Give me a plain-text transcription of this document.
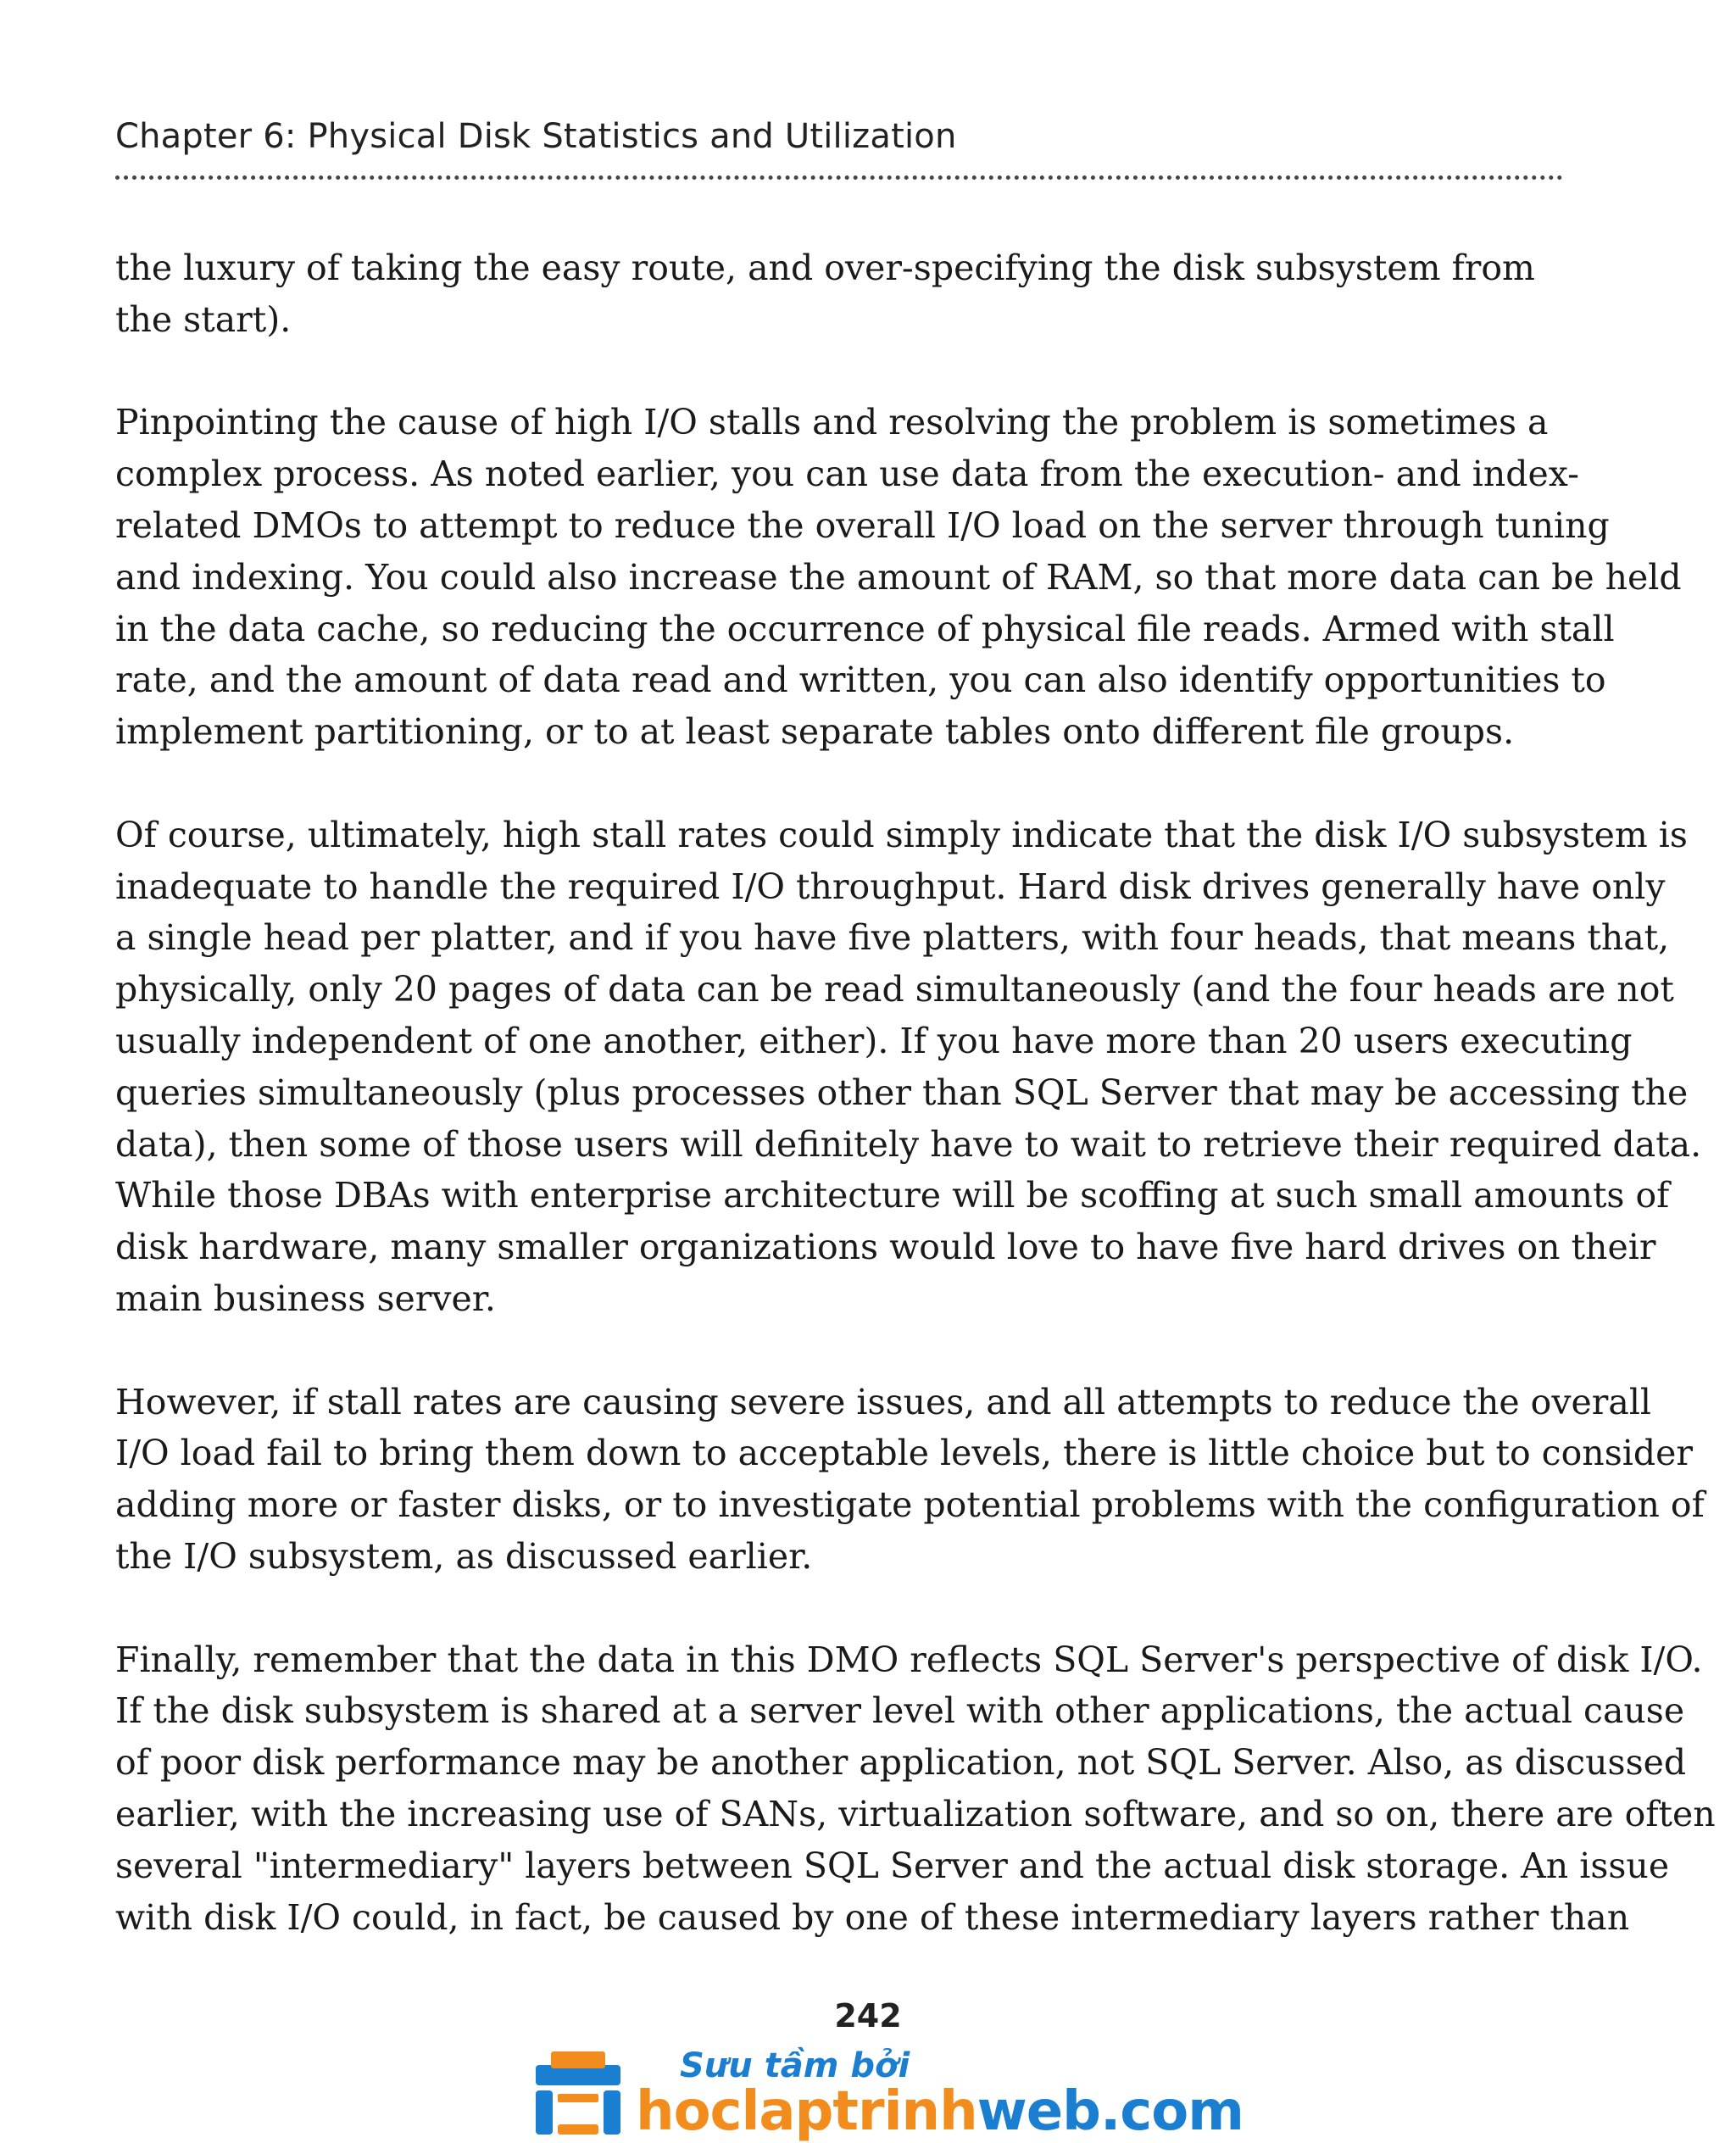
Chapter 6: Physical Disk Statistics and Utilization

the luxury of taking the easy route, and over-specifying the disk subsystem from
the start).

Pinpointing the cause of high I/O stalls and resolving the problem is sometimes a
complex process. As noted earlier, you can use data from the execution- and index-
related DMOs to attempt to reduce the overall I/O load on the server through tuning
and indexing. You could also increase the amount of RAM, so that more data can be held
in the data cache, so reducing the occurrence of physical file reads. Armed with stall
rate, and the amount of data read and written, you can also identify opportunities to
implement partitioning, or to at least separate tables onto different file groups.

Of course, ultimately, high stall rates could simply indicate that the disk I/O subsystem is
inadequate to handle the required I/O throughput. Hard disk drives generally have only
a single head per platter, and if you have five platters, with four heads, that means that,
physically, only 20 pages of data can be read simultaneously (and the four heads are not
usually independent of one another, either). If you have more than 20 users executing
queries simultaneously (plus processes other than SQL Server that may be accessing the
data), then some of those users will definitely have to wait to retrieve their required data.
While those DBAs with enterprise architecture will be scoffing at such small amounts of
disk hardware, many smaller organizations would love to have five hard drives on their
main business server.

However, if stall rates are causing severe issues, and all attempts to reduce the overall
I/O load fail to bring them down to acceptable levels, there is little choice but to consider
adding more or faster disks, or to investigate potential problems with the configuration of
the I/O subsystem, as discussed earlier.

Finally, remember that the data in this DMO reflects SQL Server's perspective of disk I/O.
If the disk subsystem is shared at a server level with other applications, the actual cause
of poor disk performance may be another application, not SQL Server. Also, as discussed
earlier, with the increasing use of SANs, virtualization software, and so on, there are often
several "intermediary" layers between SQL Server and the actual disk storage. An issue
with disk I/O could, in fact, be caused by one of these intermediary layers rather than

242
Sưu tầm bởi
hoclaptrinhweb.com
